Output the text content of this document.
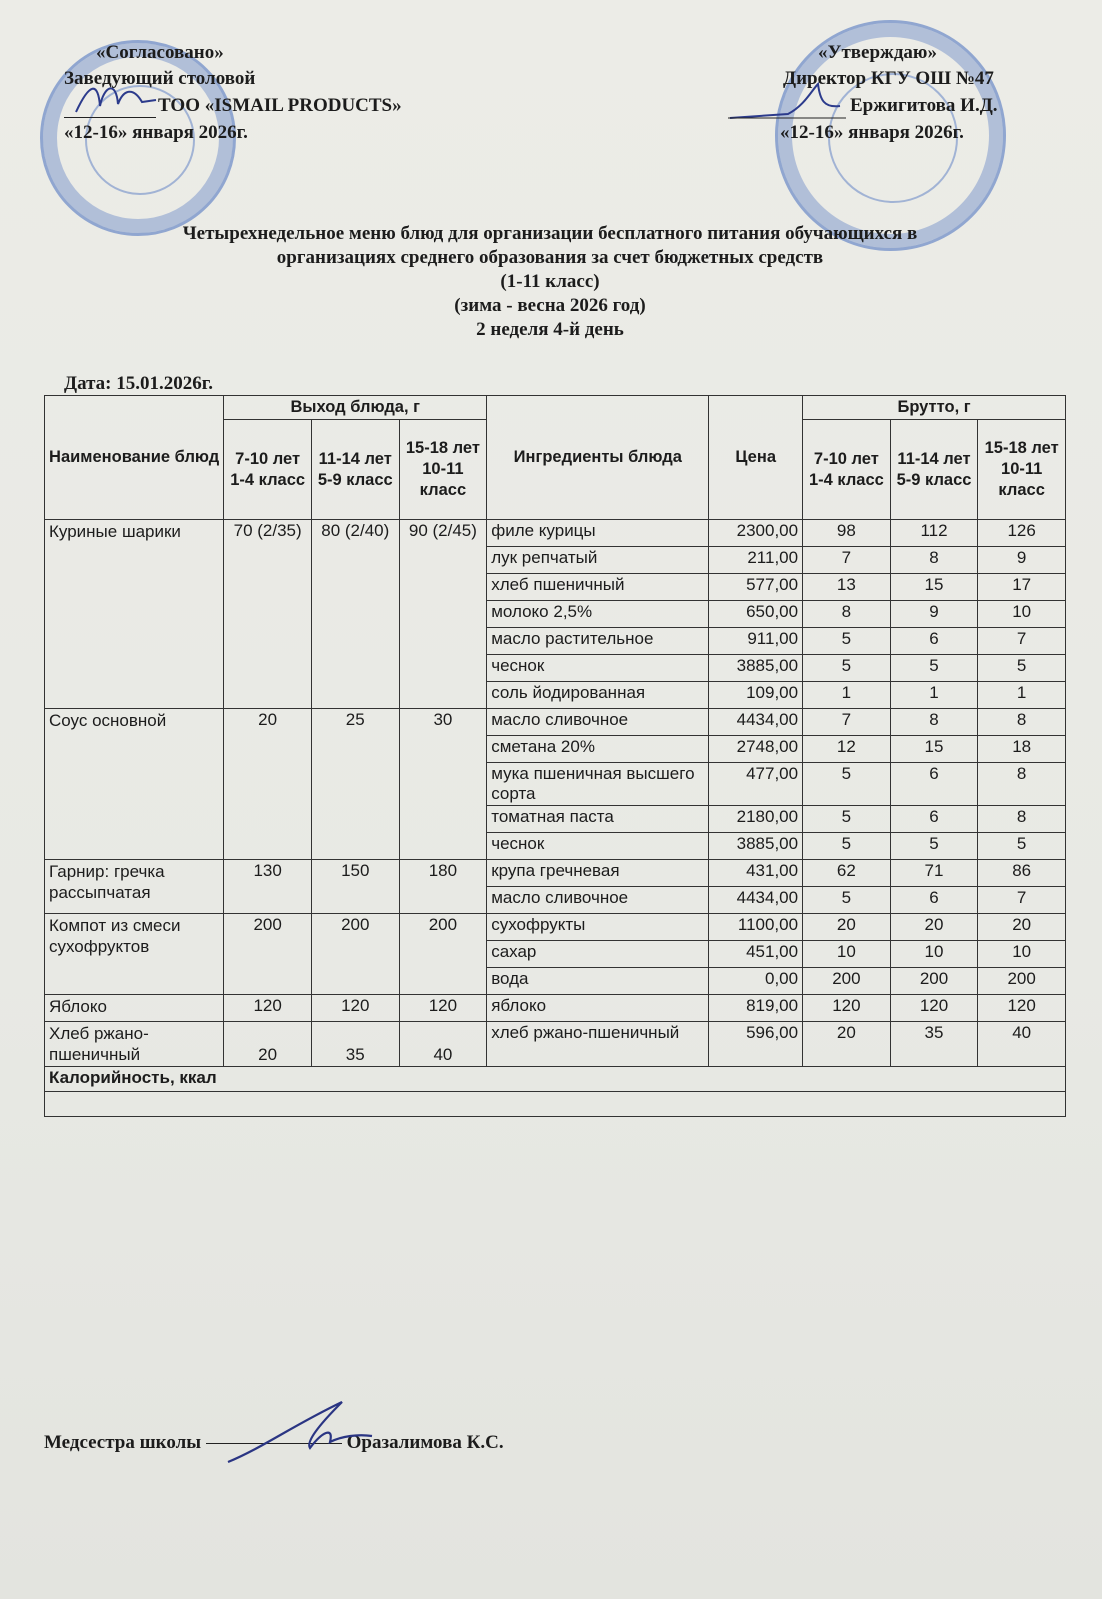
«Согласовано»
Заведующий столовой
ТОО «ISMAIL PRODUCTS»
«12-16» января 2026г.
«Утверждаю»
Директор КГУ ОШ №47
Ержигитова И.Д.
«12-16» января 2026г.
Четырехнедельное меню блюд для организации бесплатного питания обучающихся в
организациях среднего образования за счет бюджетных средств
(1-11 класс)
(зима - весна 2026 год)
2 неделя 4-й день
Дата: 15.01.2026г.
Наименование блюд	Выход блюда, г			Ингредиенты блюда	Цена	Брутто, г		
	7-10 лет 1-4 класс	11-14 лет 5-9 класс	15-18 лет 10-11 класс			7-10 лет 1-4 класс	11-14 лет 5-9 класс	15-18 лет 10-11 класс
Куриные шарики	70 (2/35)	80 (2/40)	90 (2/45)	филе курицы	2300,00	98	112	126
				лук репчатый	211,00	7	8	9
				хлеб пшеничный	577,00	13	15	17
				молоко 2,5%	650,00	8	9	10
				масло растительное	911,00	5	6	7
				чеснок	3885,00	5	5	5
				соль йодированная	109,00	1	1	1
Соус основной	20	25	30	масло сливочное	4434,00	7	8	8
				сметана 20%	2748,00	12	15	18
				мука пшеничная высшего сорта	477,00	5	6	8
				томатная паста	2180,00	5	6	8
				чеснок	3885,00	5	5	5
Гарнир: гречка рассыпчатая	130	150	180	крупа гречневая	431,00	62	71	86
				масло сливочное	4434,00	5	6	7
Компот из смеси сухофруктов	200	200	200	сухофрукты	1100,00	20	20	20
				сахар	451,00	10	10	10
				вода	0,00	200	200	200
Яблоко	120	120	120	яблоко	819,00	120	120	120
Хлеб ржано-пшеничный	20	35	40	хлеб ржано-пшеничный	596,00	20	35	40
Калорийность, ккал								

Медсестра школы	Оразалимова К.С.
